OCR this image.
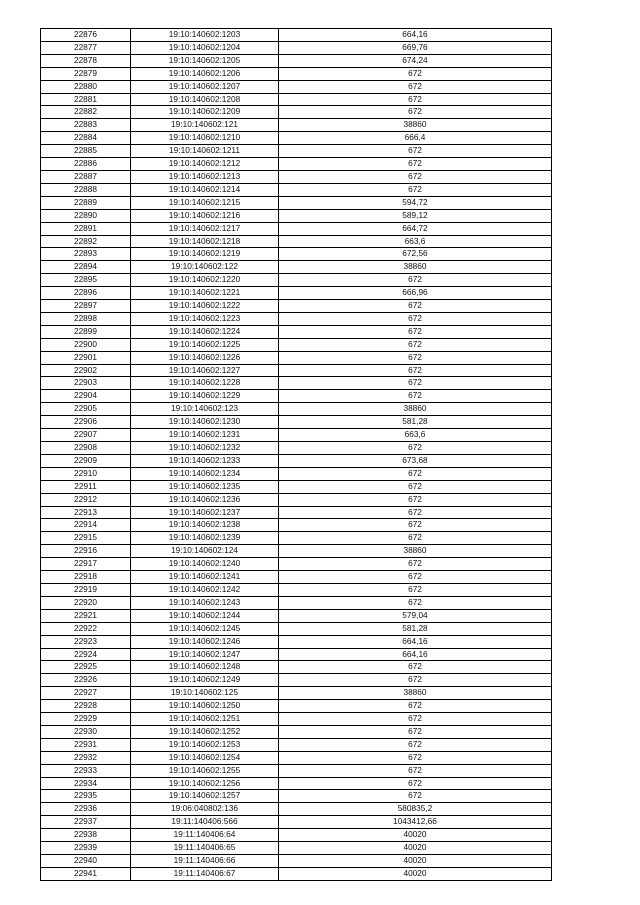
22876	19:10:140602:1203	664,16
22877	19:10:140602:1204	669,76
22878	19:10:140602:1205	674,24
22879	19:10:140602:1206	672
22880	19:10:140602:1207	672
22881	19:10:140602:1208	672
22882	19:10:140602:1209	672
22883	19:10:140602:121	38860
22884	19:10:140602:1210	666,4
22885	19:10:140602:1211	672
22886	19:10:140602:1212	672
22887	19:10:140602:1213	672
22888	19:10:140602:1214	672
22889	19:10:140602:1215	594,72
22890	19:10:140602:1216	589,12
22891	19:10:140602:1217	664,72
22892	19:10:140602:1218	663,6
22893	19:10:140602:1219	672,56
22894	19:10:140602:122	38860
22895	19:10:140602:1220	672
22896	19:10:140602:1221	666,96
22897	19:10:140602:1222	672
22898	19:10:140602:1223	672
22899	19:10:140602:1224	672
22900	19:10:140602:1225	672
22901	19:10:140602:1226	672
22902	19:10:140602:1227	672
22903	19:10:140602:1228	672
22904	19:10:140602:1229	672
22905	19:10:140602:123	38860
22906	19:10:140602:1230	581,28
22907	19:10:140602:1231	663,6
22908	19:10:140602:1232	672
22909	19:10:140602:1233	673,68
22910	19:10:140602:1234	672
22911	19:10:140602:1235	672
22912	19:10:140602:1236	672
22913	19:10:140602:1237	672
22914	19:10:140602:1238	672
22915	19:10:140602:1239	672
22916	19:10:140602:124	38860
22917	19:10:140602:1240	672
22918	19:10:140602:1241	672
22919	19:10:140602:1242	672
22920	19:10:140602:1243	672
22921	19:10:140602:1244	579,04
22922	19:10:140602:1245	581,28
22923	19:10:140602:1246	664,16
22924	19:10:140602:1247	664,16
22925	19:10:140602:1248	672
22926	19:10:140602:1249	672
22927	19:10:140602:125	38860
22928	19:10:140602:1250	672
22929	19:10:140602:1251	672
22930	19:10:140602:1252	672
22931	19:10:140602:1253	672
22932	19:10:140602:1254	672
22933	19:10:140602:1255	672
22934	19:10:140602:1256	672
22935	19:10:140602:1257	672
22936	19:06:040802:136	580835,2
22937	19:11:140406:566	1043412,66
22938	19:11:140406:64	40020
22939	19:11:140406:65	40020
22940	19:11:140406:66	40020
22941	19:11:140406:67	40020
